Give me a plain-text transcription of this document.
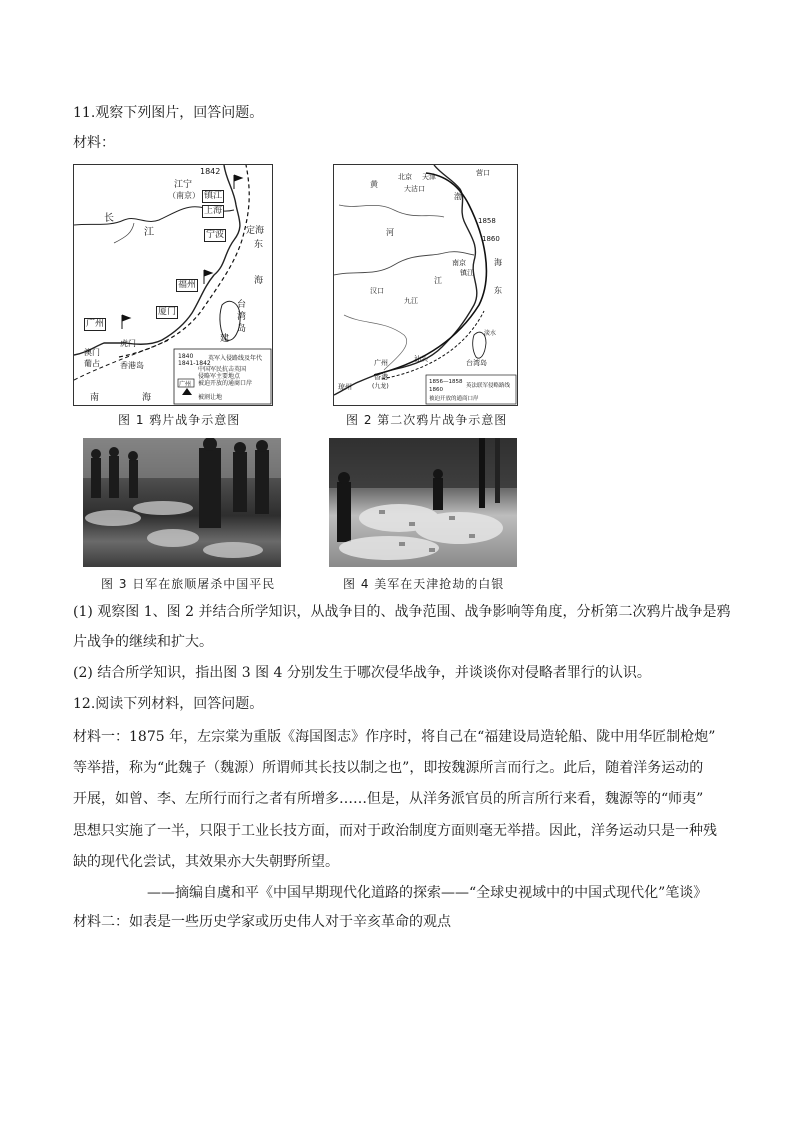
11.观察下列图片，回答问题。
材料：
1840
1841-1842
英军入侵路线及年代
中国军民抗击英国
侵略军主要地点
被迫开放的通商口岸
被割让地
广州
1842
江宁
（南京）
长
江	定海
东
海
台
湾
岛
建
虎门
澳门
葡占	香港岛
南	海
镇江
上海
宁波
福州
厦门
广州
图 1 鸦片战争示意图
北京 天津
大沽口
营口
黄
河
渤
1858
1860
汉口
九江
南京
镇江
江
海
东
广州	汕头
香港
(九龙)
琼州
台湾岛
淡水
1856—1858
1860
英法联军侵略路线
被迫开放的通商口岸
图 2 第二次鸦片战争示意图
图 3 日军在旅顺屠杀中国平民	图 4 美军在天津抢劫的白银
(1) 观察图 1、图 2 并结合所学知识，从战争目的、战争范围、战争影响等角度，分析第二次鸦片战争是鸦
片战争的继续和扩大。
(2) 结合所学知识，指出图 3 图 4 分别发生于哪次侵华战争，并谈谈你对侵略者罪行的认识。
12.阅读下列材料，回答问题。
材料一：1875 年，左宗棠为重版《海国图志》作序时，将自己在“福建设局造轮船、陇中用华匠制枪炮”
等举措，称为“此魏子（魏源）所谓师其长技以制之也”，即按魏源所言而行之。此后，随着洋务运动的
开展，如曾、李、左所行而行之者有所增多……但是，从洋务派官员的所言所行来看，魏源等的“师夷”
思想只实施了一半，只限于工业长技方面，而对于政治制度方面则毫无举措。因此，洋务运动只是一种残
缺的现代化尝试，其效果亦大失朝野所望。
——摘编自虞和平《中国早期现代化道路的探索——“全球史视域中的中国式现代化”笔谈》
材料二：如表是一些历史学家或历史伟人对于辛亥革命的观点
